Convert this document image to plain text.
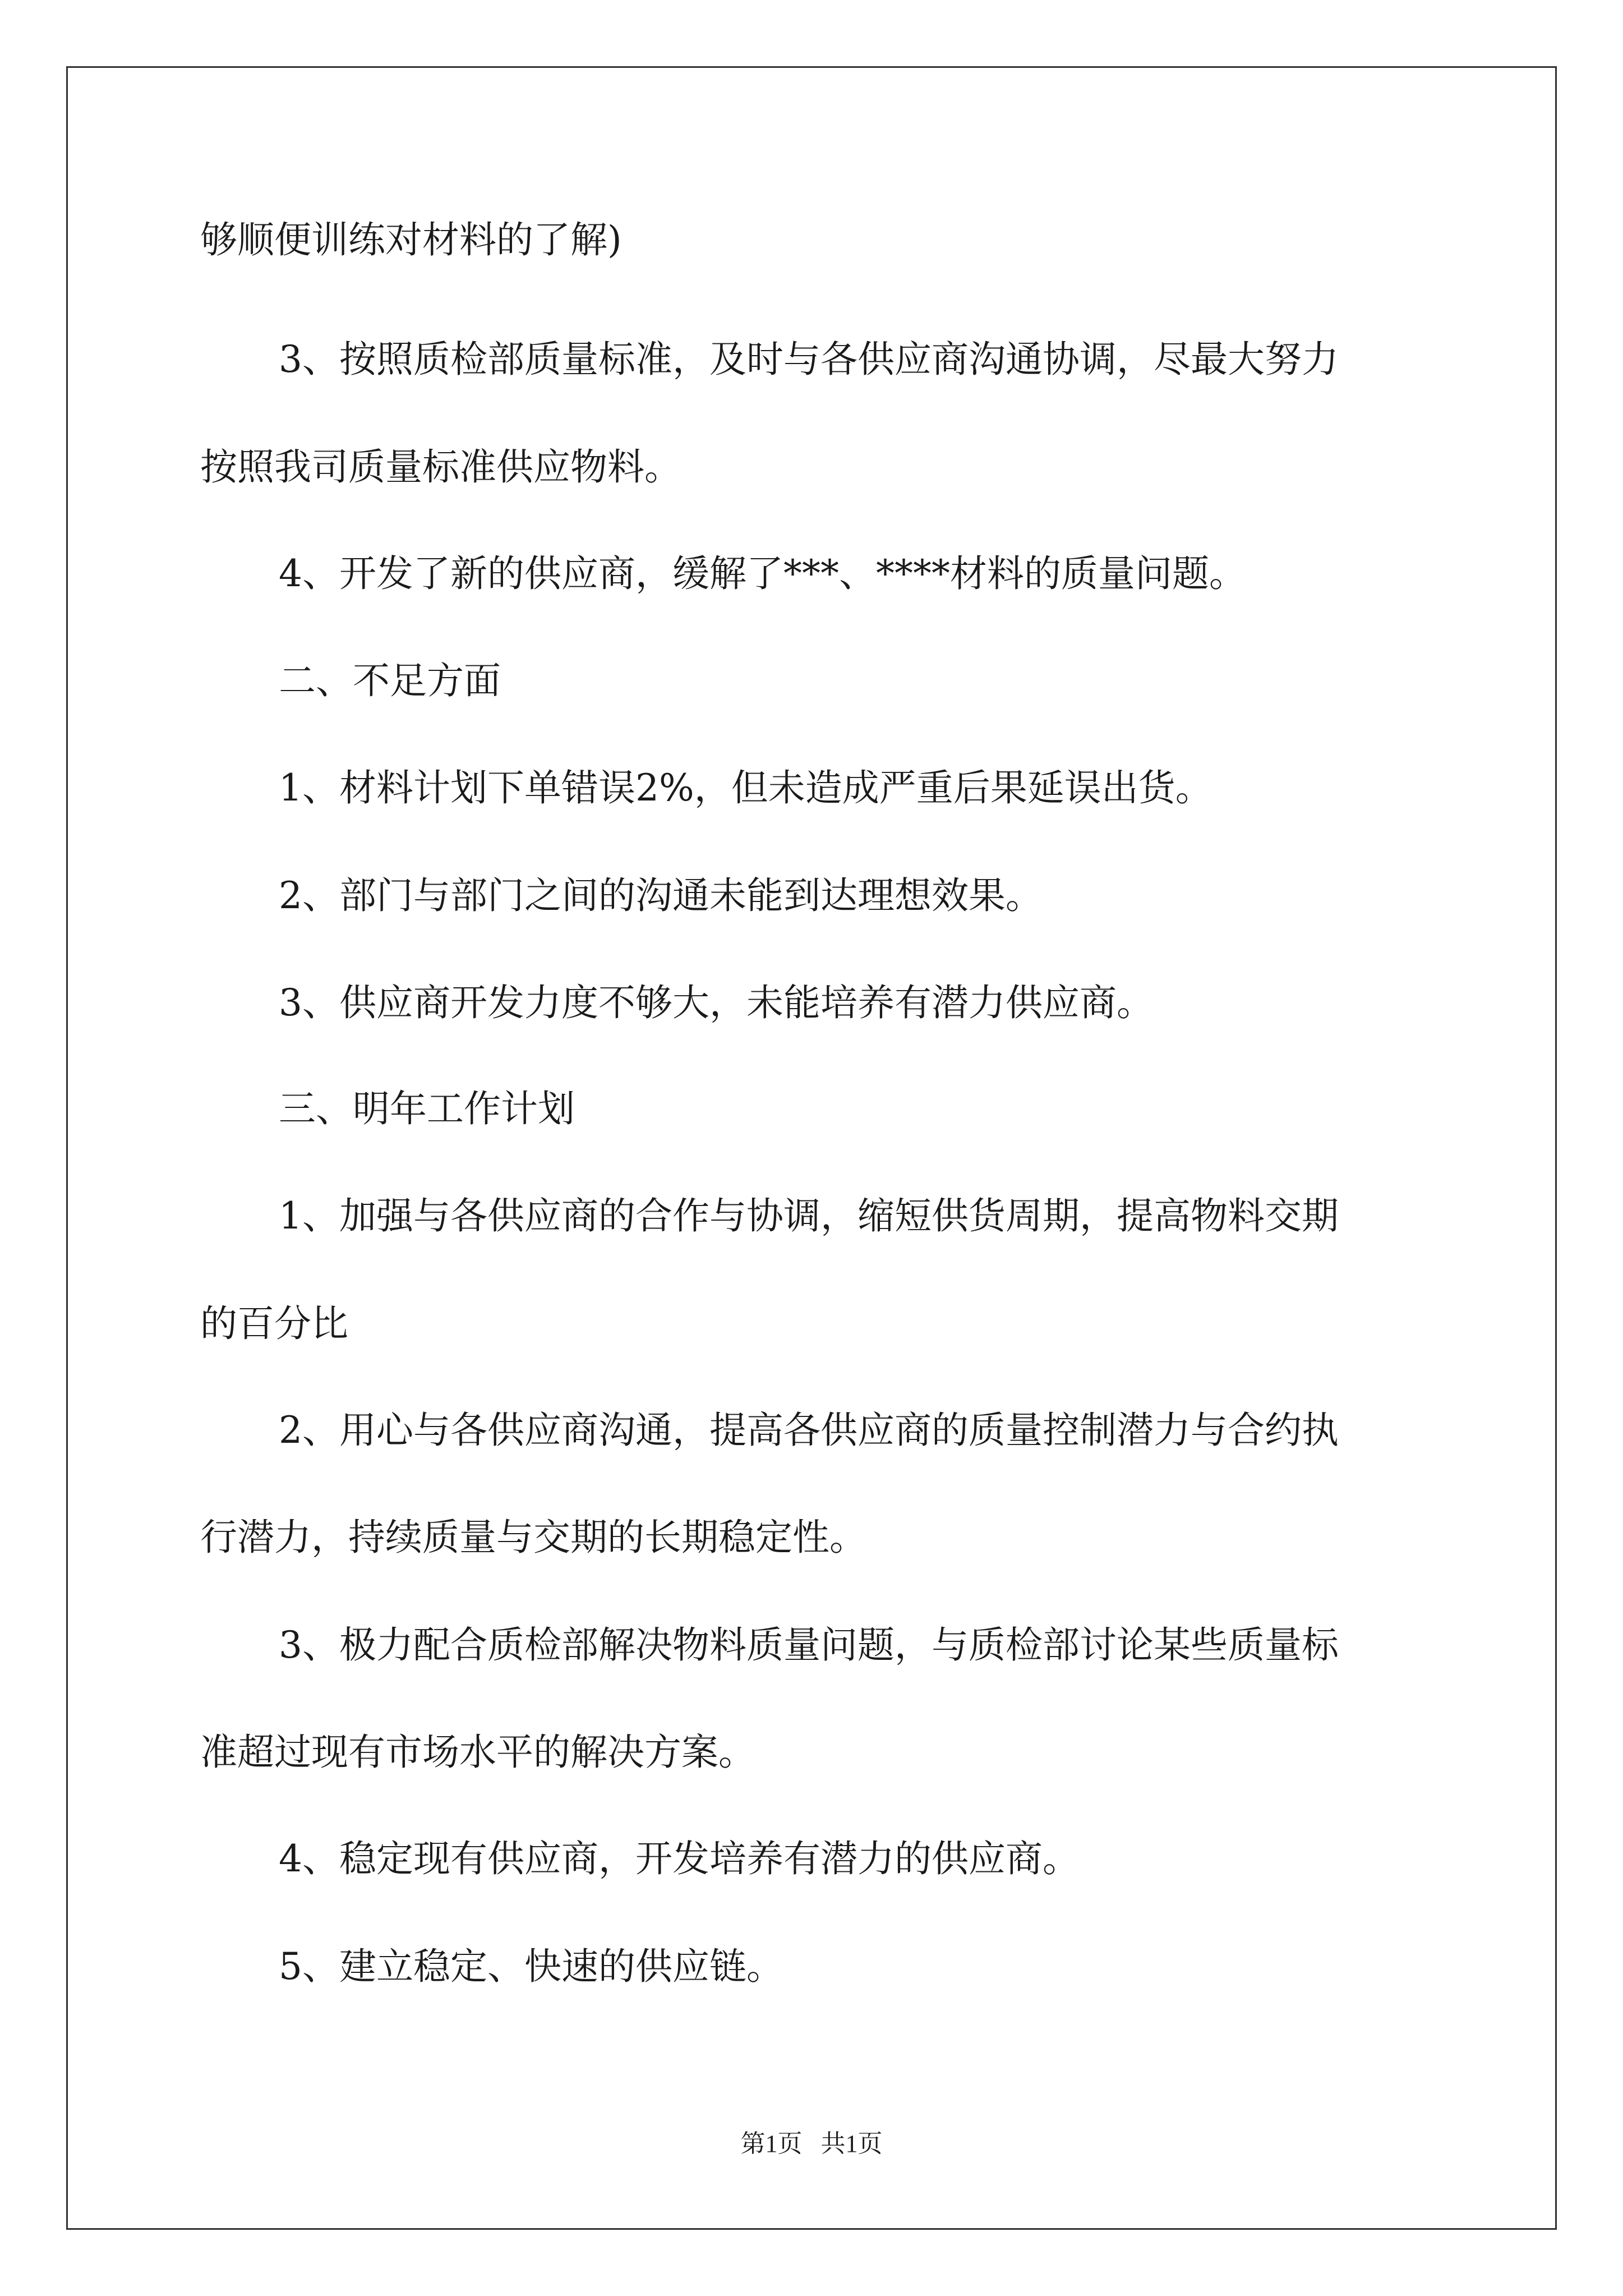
够顺便训练对材料的了解)
3、按照质检部质量标准，及时与各供应商沟通协调，尽最大努力
按照我司质量标准供应物料。
4、开发了新的供应商，缓解了***、****材料的质量问题。
二、不足方面
1、材料计划下单错误2%，但未造成严重后果延误出货。
2、部门与部门之间的沟通未能到达理想效果。
3、供应商开发力度不够大，未能培养有潜力供应商。
三、明年工作计划
1、加强与各供应商的合作与协调，缩短供货周期，提高物料交期
的百分比
2、用心与各供应商沟通，提高各供应商的质量控制潜力与合约执
行潜力，持续质量与交期的长期稳定性。
3、极力配合质检部解决物料质量问题，与质检部讨论某些质量标
准超过现有市场水平的解决方案。
4、稳定现有供应商，开发培养有潜力的供应商。
5、建立稳定、快速的供应链。
第1页   共1页
